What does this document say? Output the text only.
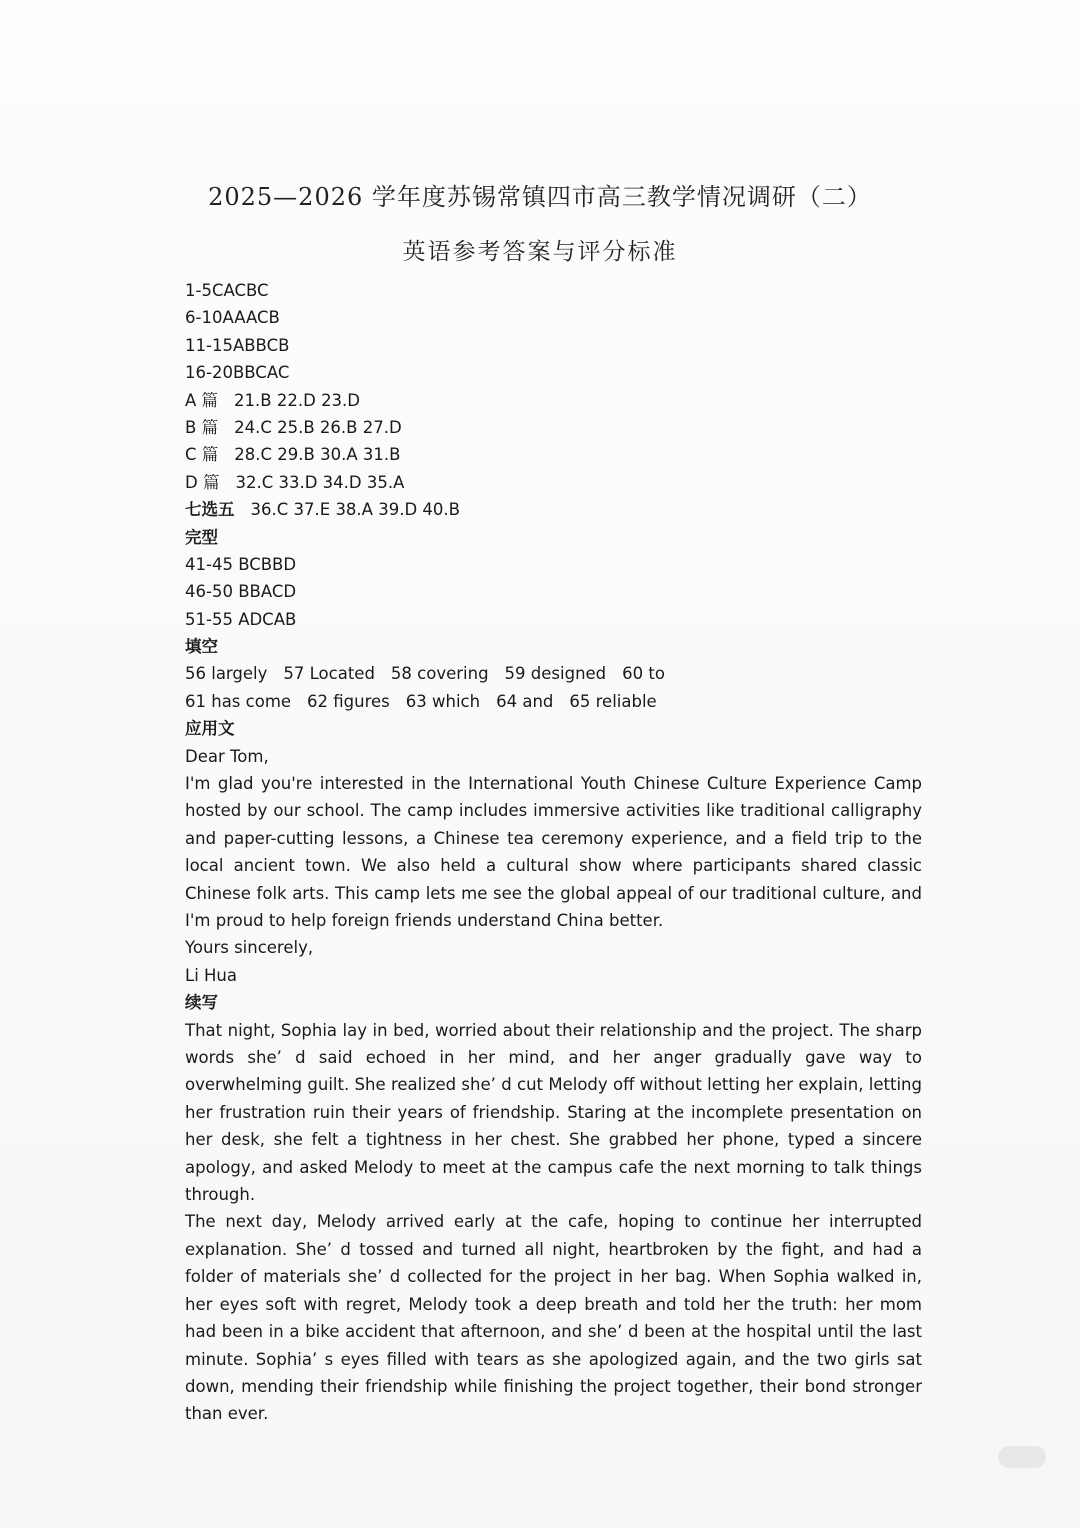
2025—2026 学年度苏锡常镇四市高三教学情况调研（二）
英语参考答案与评分标准
1-5CACBC
6-10AAACB
11-15ABBCB
16-20BBCAC
A 篇 21.B 22.D 23.D
B 篇 24.C 25.B 26.B 27.D
C 篇 28.C 29.B 30.A 31.B
D 篇 32.C 33.D 34.D 35.A
七选五 36.C 37.E 38.A 39.D 40.B
完型
41-45 BCBBD
46-50 BBACD
51-55 ADCAB
填空
56 largely 57 Located 58 covering 59 designed 60 to
61 has come 62 figures 63 which 64 and 65 reliable
应用文
Dear Tom,

I'm glad you're interested in the International Youth Chinese Culture Experience Camp hosted by our school. The camp includes immersive activities like traditional calligraphy and paper-cutting lessons, a Chinese tea ceremony experience, and a field trip to the local ancient town. We also held a cultural show where participants shared classic Chinese folk arts. This camp lets me see the global appeal of our traditional culture, and I'm proud to help foreign friends understand China better.

Yours sincerely,
Li Hua
续写

That night, Sophia lay in bed, worried about their relationship and the project. The sharp words she’ d said echoed in her mind, and her anger gradually gave way to overwhelming guilt. She realized she’ d cut Melody off without letting her explain, letting her frustration ruin their years of friendship. Staring at the incomplete presentation on her desk, she felt a tightness in her chest. She grabbed her phone, typed a sincere apology, and asked Melody to meet at the campus cafe the next morning to talk things through.

The next day, Melody arrived early at the cafe, hoping to continue her interrupted explanation. She’ d tossed and turned all night, heartbroken by the fight, and had a folder of materials she’ d collected for the project in her bag. When Sophia walked in, her eyes soft with regret, Melody took a deep breath and told her the truth: her mom had been in a bike accident that afternoon, and she’ d been at the hospital until the last minute. Sophia’ s eyes filled with tears as she apologized again, and the two girls sat down, mending their friendship while finishing the project together, their bond stronger than ever.
